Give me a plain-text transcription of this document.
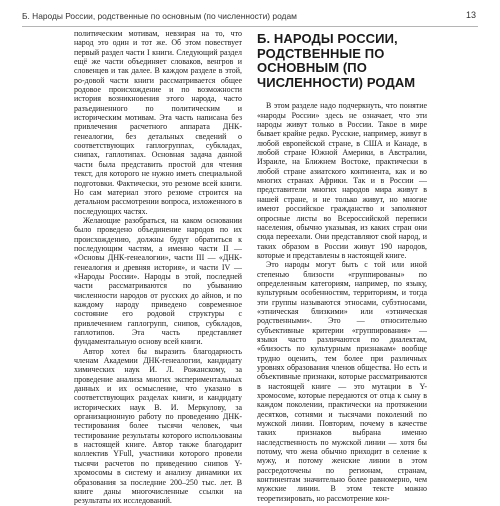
Б. Народы России, родственные по основным (по численности) родам	13

политическим мотивам, невзирая на то, что народ это один и тот же. Об этом повествует первый раздел части I книги. Следующий раздел ещё же части объединяет словаков, венгров и словенцев и так далее. В каждом разделе в этой, ро-довой части книги рассматривается общее родовое происхождение и по возможности история возникновения этого народа, часто разъединенного по политическим и историческим мотивам. Эта часть написана без привлечения расчетного аппарата ДНК-генеалогии, без детальных сведений о соответствующих гаплогруппах, субкладах, снипах, гаплотипах. Основная задача данной части была представить простой для чтения текст, для которого не нужно иметь специальной подготовки. Фактически, это резюме всей книги. Но сам материал этого резюме строится на детальном рассмотрении вопроса, изложенного в последующих частях.

Желающие разобраться, на каком основании было проведено объединение народов по их происхождению, должны будут обратиться к последующим частям, а именно части II — «Основы ДНК-генеалогии», части III — «ДНК-генеалогия и древняя история», и части IV — «Народы России». Народы в этой, последней части рассматриваются по убыванию численности народов от русских до айнов, и по каждому народу приведено современное состояние его родовой структуры с привлечением гаплогрупп, снипов, субкладов, гаплотипов. Эта часть представляет фундаментальную основу всей книги.

Автор хотел бы выразить благодарность членам Академии ДНК-генеалогии, кандидату химических наук И. Л. Рожанскому, за проведение анализа многих экспериментальных данных и их осмысление, что указано в соответствующих разделах книги, и кандидату исторических наук В. И. Меркулову, за организационную работу по проведению ДНК-тестирования более тысячи человек, чьи тестирование результаты которого использованы в настоящей книге. Автор также благодарит коллектив YFull, участники которого провели тысячи расчетов по приведению снипов Y-хромосомы в систему и анализу динамики их образования за последние 200–250 тыс. лет. В книге даны многочисленные ссылки на результаты их исследований.

Б. НАРОДЫ РОССИИ, РОДСТВЕННЫЕ ПО ОСНОВНЫМ (ПО ЧИСЛЕННОСТИ) РОДАМ

В этом разделе надо подчеркнуть, что понятие «народы России» здесь не означает, что эти народы живут только в России. Такое в мире бывает крайне редко. Русские, например, живут в любой европейской стране, в США и Канаде, в любой стране Южной Америки, в Австралии, Израиле, на Ближнем Востоке, практически в любой стране азиатского континента, как и во многих странах Африки. Так и в России — представители многих народов мира живут в нашей стране, и не только живут, но многие имеют российское гражданство и заполняют опросные листы во Всероссийской переписи населения, обычно указывая, из каких стран они сюда переехали. Они представляют свой народ, и таких образом в России живут 190 народов, которые и представлены в настоящей книге.

Это народы могут быть с той или иной степенью близости «группированы» по определенным категориям, например, по языку, культурным особенностям, территориям, и тогда эти группы называются этносами, субэтносами, «этническая близкими» или «этническая родственными». Это — относительно субъективные критерии «группирования» — языки часто различаются по диалектам, «близость по культурным признакам» вообще трудно оценить, тем более при различных уровнях образования членов общества. Но есть и объективные признаки, которые рассматриваются в настоящей книге — это мутации в Y-хромосоме, которые передаются от отца к сыну в каждом поколении, практически на протяжении десятков, сотнями и тысячами поколений по мужской линии. Повторим, почему в качестве таких признаков выбрана именно наследственность по мужской линии — хотя бы потому, что жена обычно приходит в селение к мужу, и потому женские линии в этом рассредоточены по регионам, странам, континентам значительно более равномерно, чем мужские линии. В этом тексте можно теоретизировать, но рассмотрение кон-
